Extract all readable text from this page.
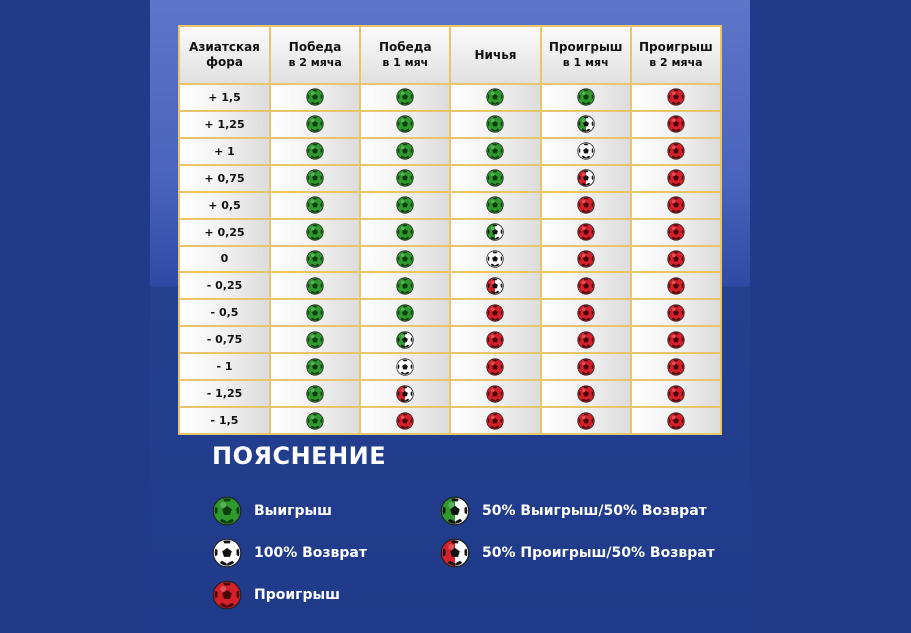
Азиатская
фора
Победа
в 2 мяча
Победа
в 1 мяч
Ничья
Проигрыш
в 1 мяч
Проигрыш
в 2 мяча
+ 1,5
+ 1,25
+ 1
+ 0,75
+ 0,5
+ 0,25
0
- 0,25
- 0,5
- 0,75
- 1
- 1,25
- 1,5
ПОЯСНЕНИЕ
Выигрыш
100% Возврат
Проигрыш
50% Выигрыш/50% Возврат
50% Проигрыш/50% Возврат
